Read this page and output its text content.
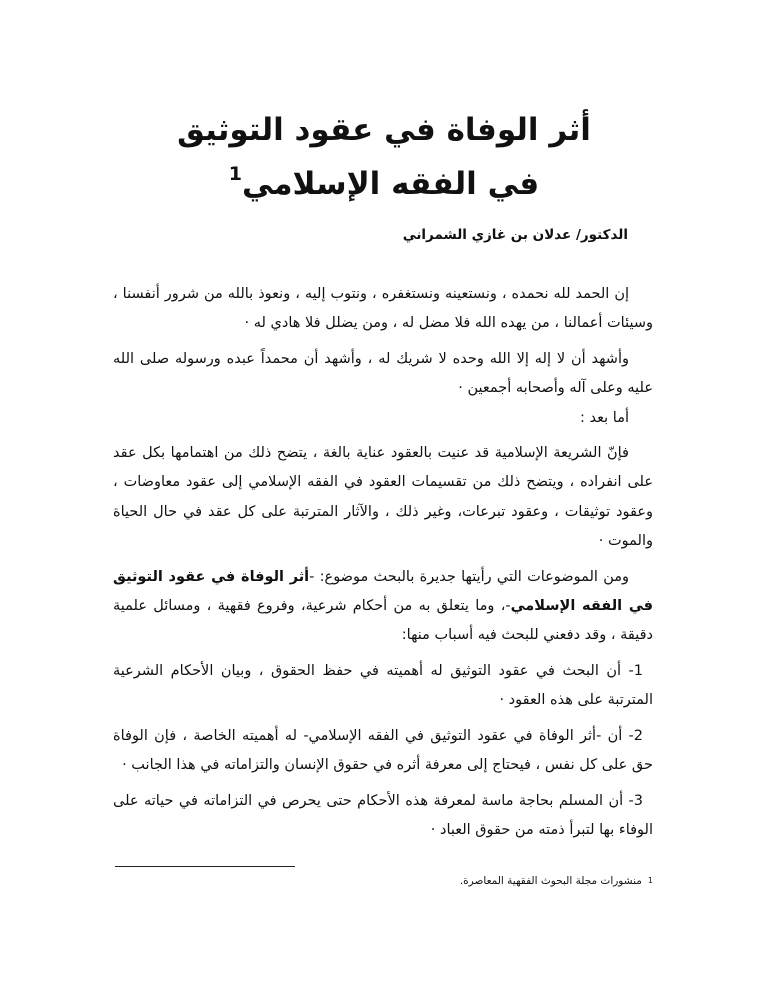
أثر الوفاة في عقود التوثيق
في الفقه الإسلامي$^1$
الدكتور/ عدلان بن غازي الشمراني

إن الحمد لله نحمده ، ونستعينه ونستغفره ، ونتوب إليه ، ونعوذ بالله من شرور أنفسنا ، وسيئات أعمالنا ، من يهده الله فلا مضل له ، ومن يضلل فلا هادي له ·

وأشهد أن لا إله إلا الله وحده لا شريك له ، وأشهد أن محمداً عبده ورسوله صلى الله عليه وعلى آله وأصحابه أجمعين ·

أما بعد :

فإنّ الشريعة الإسلامية قد عنيت بالعقود عناية بالغة ، يتضح ذلك من اهتمامها بكل عقد على انفراده ، ويتضح ذلك من تقسيمات العقود في الفقه الإسلامي إلى عقود معاوضات ، وعقود توثيقات ، وعقود تبرعات، وغير ذلك ، والآثار المترتبة على كل عقد في حال الحياة والموت ·

ومن الموضوعات التي رأيتها جديرة بالبحث موضوع: -أثر الوفاة في عقود التوثيق في الفقه الإسلامي-، وما يتعلق به من أحكام شرعية، وفروع فقهية ، ومسائل علمية دقيقة ، وقد دفعني للبحث فيه أسباب منها:

1- أن البحث في عقود التوثيق له أهميته في حفظ الحقوق ، وبيان الأحكام الشرعية المترتبة على هذه العقود ·

2- أن -أثر الوفاة في عقود التوثيق في الفقه الإسلامي- له أهميته الخاصة ، فإن الوفاة حق على كل نفس ، فيحتاج إلى معرفة أثره في حقوق الإنسان والتزاماته في هذا الجانب ·

3- أن المسلم بحاجة ماسة لمعرفة هذه الأحكام حتى يحرص في التزاماته في حياته على الوفاء بها لتبرأ ذمته من حقوق العباد ·

$^1$منشورات مجلة البحوث الفقهية المعاصرة.
